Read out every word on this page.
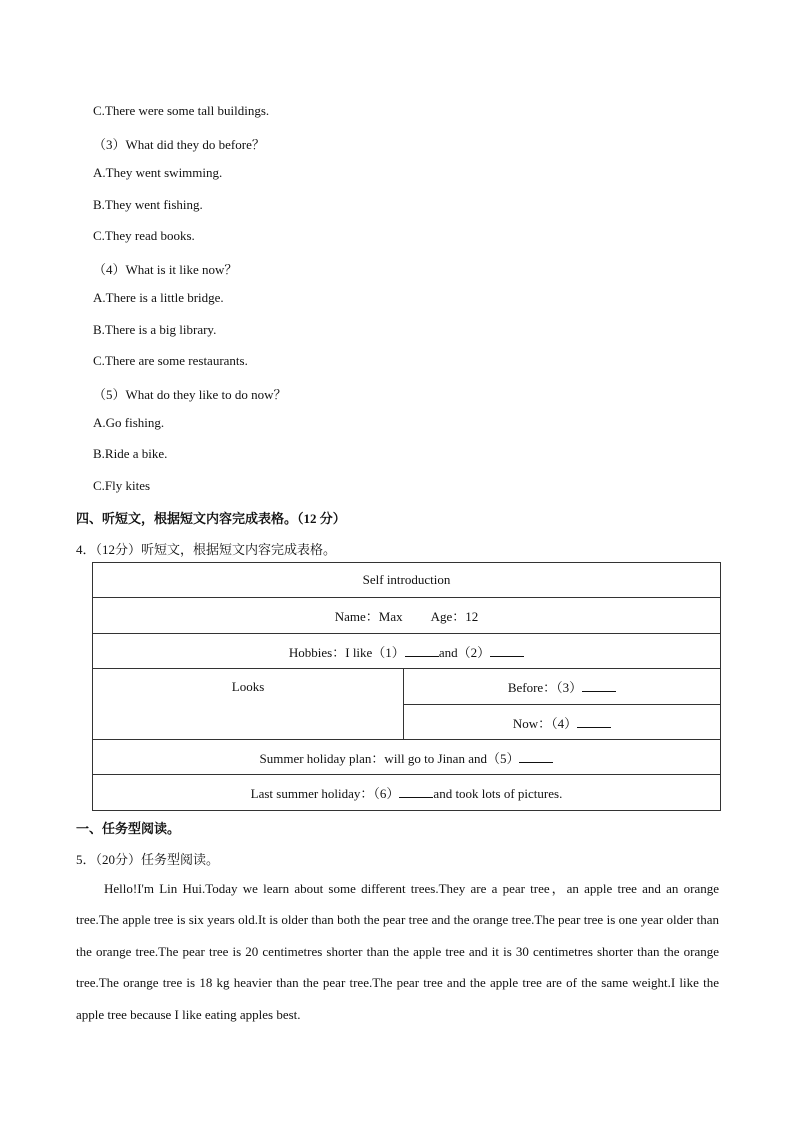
C.There were some tall buildings.
（3）What did they do before？
A.They went swimming.
B.They went fishing.
C.They read books.
（4）What is it like now？
A.There is a little bridge.
B.There is a big library.
C.There are some restaurants.
（5）What do they like to do now？
A.Go fishing.
B.Ride a bike.
C.Fly kites
四、听短文，根据短文内容完成表格。（12 分）
4．（12分）听短文，根据短文内容完成表格。
Self introduction
Name：Max Age：12
Hobbies：I like（1）	and（2）
Looks	Before：（3）
Now：（4）
Summer holiday plan：will go to Jinan and（5）
Last summer holiday：（6）	and took lots of pictures.
一、任务型阅读。
5．（20分）任务型阅读。

Hello!I'm Lin Hui.Today we learn about some different trees.They are a pear tree，an apple tree and an orange tree.The apple tree is six years old.It is older than both the pear tree and the orange tree.The pear tree is one year older than the orange tree.The pear tree is 20 centimetres shorter than the apple tree and it is 30 centimetres shorter than the orange tree.The orange tree is 18 kg heavier than the pear tree.The pear tree and the apple tree are of the same weight.I like the apple tree because I like eating apples best.
